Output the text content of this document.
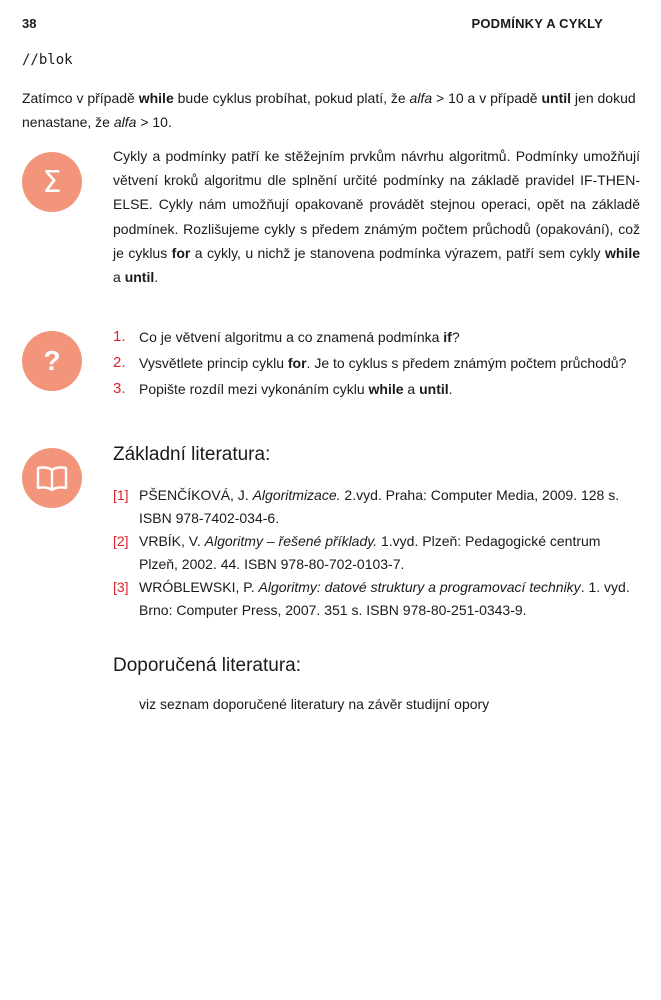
38	PODMÍNKY A CYKLY
//blok

Zatímco v případě while bude cyklus probíhat, pokud platí, že alfa > 10 a v případě until jen dokud nenastane, že alfa > 10.

Σ

Cykly a podmínky patří ke stěžejním prvkům návrhu algoritmů. Podmínky umožňují větvení kroků algoritmu dle splnění určité podmínky na základě pravidel IF-THEN-ELSE. Cykly nám umožňují opakovaně provádět stejnou operaci, opět na základě podmínek. Rozlišujeme cykly s předem známým počtem průchodů (opakování), což je cyklus for a cykly, u nichž je stanovena podmínka výrazem, patří sem cykly while a until.

?
1. Co je větvení algoritmu a co znamená podmínka if?
2. Vysvětlete princip cyklu for. Je to cyklus s předem známým počtem průchodů?
3. Popište rozdíl mezi vykonáním cyklu while a until.
Základní literatura:
[1] PŠENČÍKOVÁ, J. Algoritmizace. 2.vyd. Praha: Computer Media, 2009. 128 s. ISBN 978-7402-034-6.
[2] VRBÍK, V. Algoritmy – řešené příklady. 1.vyd. Plzeň: Pedagogické centrum Plzeň, 2002. 44. ISBN 978-80-702-0103-7.
[3] WRÓBLEWSKI, P. Algoritmy: datové struktury a programovací techniky. 1. vyd. Brno: Computer Press, 2007. 351 s. ISBN 978-80-251-0343-9.
Doporučená literatura:
viz seznam doporučené literatury na závěr studijní opory
